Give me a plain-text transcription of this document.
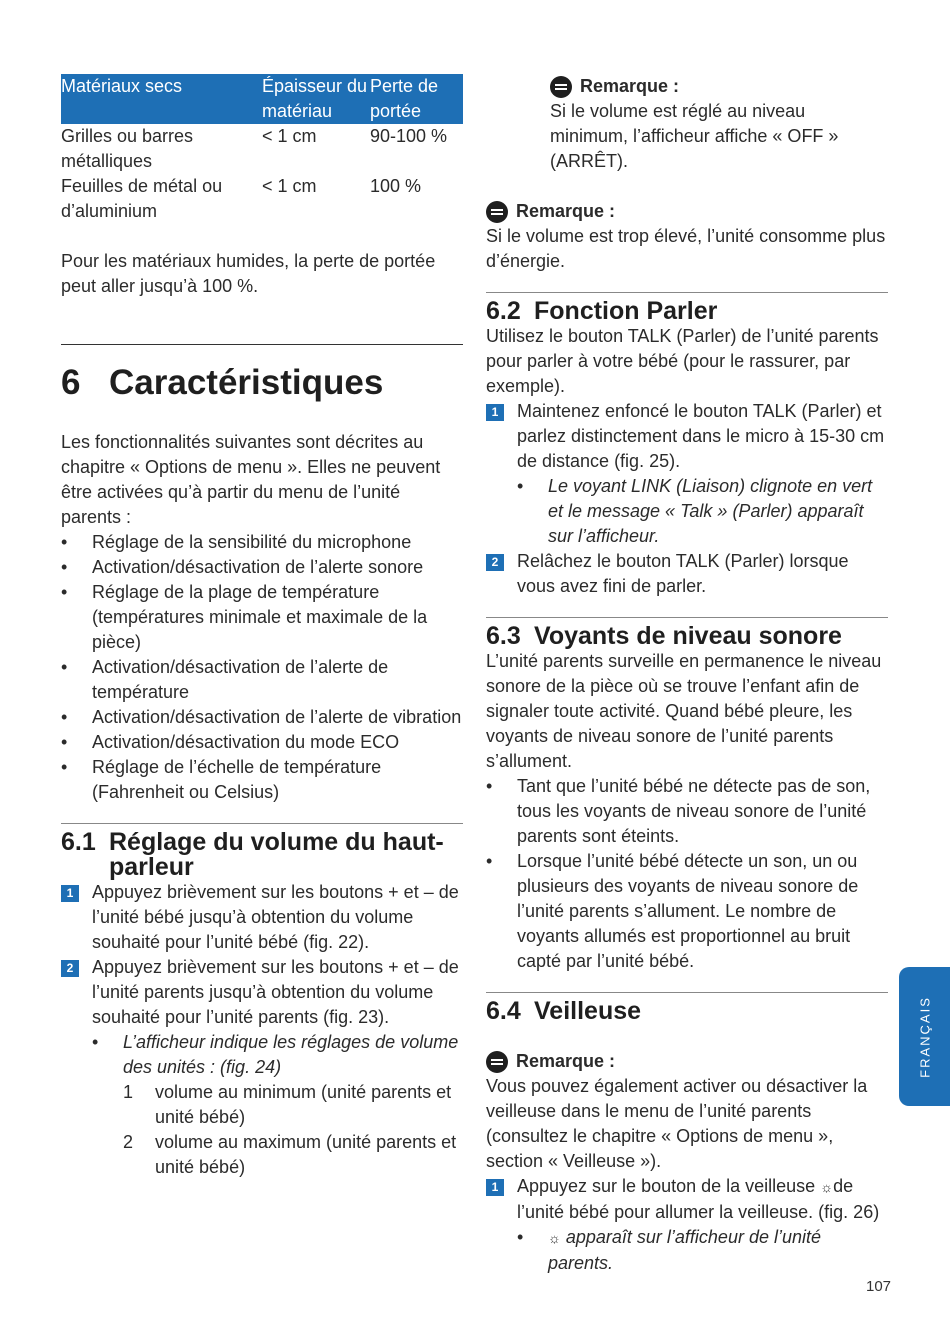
Matériaux secs	Épaisseur du matériau	Perte de portée
Grilles ou barres métalliques	< 1 cm	90-100 %
Feuilles de métal ou d’aluminium	< 1 cm	100 %

Pour les matériaux humides, la perte de portée peut aller jusqu’à 100 %.

6 Caractéristiques

Les fonctionnalités suivantes sont décrites au chapitre « Options de menu ». Elles ne peuvent être activées qu’à partir du menu de l’unité parents :

• Réglage de la sensibilité du microphone
• Activation/désactivation de l’alerte sonore
• Réglage de la plage de température (températures minimale et maximale de la pièce)
• Activation/désactivation de l’alerte de température
• Activation/désactivation de l’alerte de vibration
• Activation/désactivation du mode ECO
• Réglage de l’échelle de température (Fahrenheit ou Celsius)
6.1 Réglage du volume du haut-
parleur
1	Appuyez brièvement sur les boutons + et – de l’unité bébé jusqu’à obtention du volume souhaité pour l’unité bébé (fig. 22).
2	Appuyez brièvement sur les boutons + et – de l’unité parents jusqu’à obtention du volume souhaité pour l’unité parents (fig. 23).
• L’afficheur indique les réglages de volume des unités : (fig. 24)
1 volume au minimum (unité parents et unité bébé)
2 volume au maximum (unité parents et unité bébé)
Remarque :

Si le volume est réglé au niveau minimum, l’afficheur affiche « OFF » (ARRÊT).

Remarque :

Si le volume est trop élevé, l’unité consomme plus d’énergie.

6.2 Fonction Parler

Utilisez le bouton TALK (Parler) de l’unité parents pour parler à votre bébé (pour le rassurer, par exemple).

1	Maintenez enfoncé le bouton TALK (Parler) et parlez distinctement dans le micro à 15-30 cm de distance (fig. 25).
• Le voyant LINK (Liaison) clignote en vert et le message « Talk » (Parler) apparaît sur l’afficheur.
2	Relâchez le bouton TALK (Parler) lorsque vous avez fini de parler.
6.3 Voyants de niveau sonore

L’unité parents surveille en permanence le niveau sonore de la pièce où se trouve l’enfant afin de signaler toute activité. Quand bébé pleure, les voyants de niveau sonore de l’unité parents s’allument.

• Tant que l’unité bébé ne détecte pas de son, tous les voyants de niveau sonore de l’unité parents sont éteints.
• Lorsque l’unité bébé détecte un son, un ou plusieurs des voyants de niveau sonore de l’unité parents s’allument. Le nombre de voyants allumés est proportionnel au bruit capté par l’unité bébé.
6.4 Veilleuse
Remarque :

Vous pouvez également activer ou désactiver la veilleuse dans le menu de l’unité parents (consultez le chapitre « Options de menu », section « Veilleuse »).

1	Appuyez sur le bouton de la veilleuse ☼de l’unité bébé pour allumer la veilleuse. (fig. 26)
• ☼ apparaît sur l’afficheur de l’unité parents.
FRANÇAIS
107
